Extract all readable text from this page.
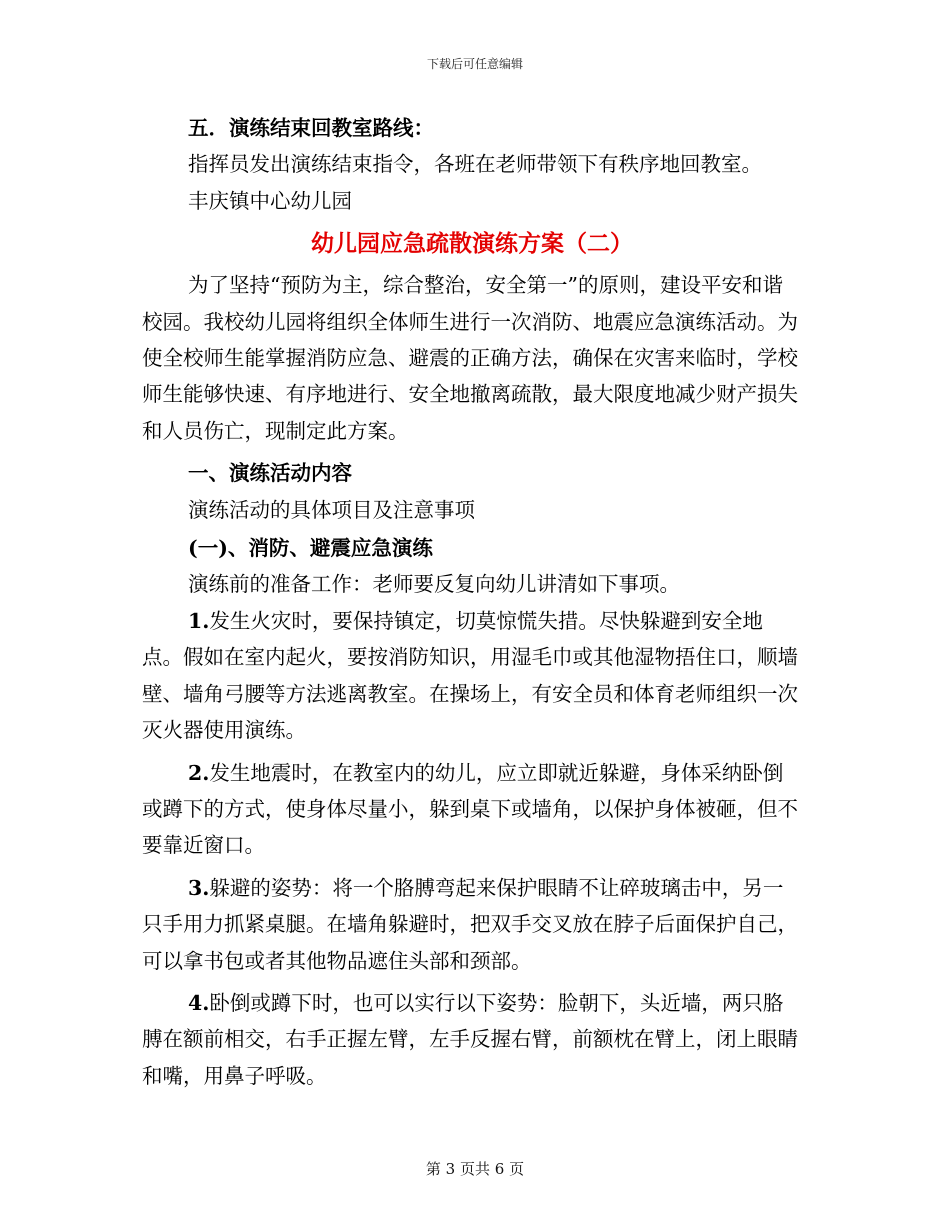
下载后可任意编辑

五．演练结束回教室路线：

指挥员发出演练结束指令，各班在老师带领下有秩序地回教室。

丰庆镇中心幼儿园

幼儿园应急疏散演练方案（二）

为了坚持“预防为主，综合整治，安全第一”的原则，建设平安和谐校园。我校幼儿园将组织全体师生进行一次消防、地震应急演练活动。为使全校师生能掌握消防应急、避震的正确方法，确保在灾害来临时，学校师生能够快速、有序地进行、安全地撤离疏散，最大限度地减少财产损失和人员伤亡，现制定此方案。

一、演练活动内容

演练活动的具体项目及注意事项

(一)、消防、避震应急演练

演练前的准备工作：老师要反复向幼儿讲清如下事项。

1.发生火灾时，要保持镇定，切莫惊慌失措。尽快躲避到安全地点。假如在室内起火，要按消防知识，用湿毛巾或其他湿物捂住口，顺墙壁、墙角弓腰等方法逃离教室。在操场上，有安全员和体育老师组织一次灭火器使用演练。

2.发生地震时，在教室内的幼儿，应立即就近躲避，身体采纳卧倒或蹲下的方式，使身体尽量小，躲到桌下或墙角，以保护身体被砸，但不要靠近窗口。

3.躲避的姿势：将一个胳膊弯起来保护眼睛不让碎玻璃击中，另一只手用力抓紧桌腿。在墙角躲避时，把双手交叉放在脖子后面保护自己，可以拿书包或者其他物品遮住头部和颈部。

4.卧倒或蹲下时，也可以实行以下姿势：脸朝下，头近墙，两只胳膊在额前相交，右手正握左臂，左手反握右臂，前额枕在臂上，闭上眼睛和嘴，用鼻子呼吸。

第 3 页共 6 页
